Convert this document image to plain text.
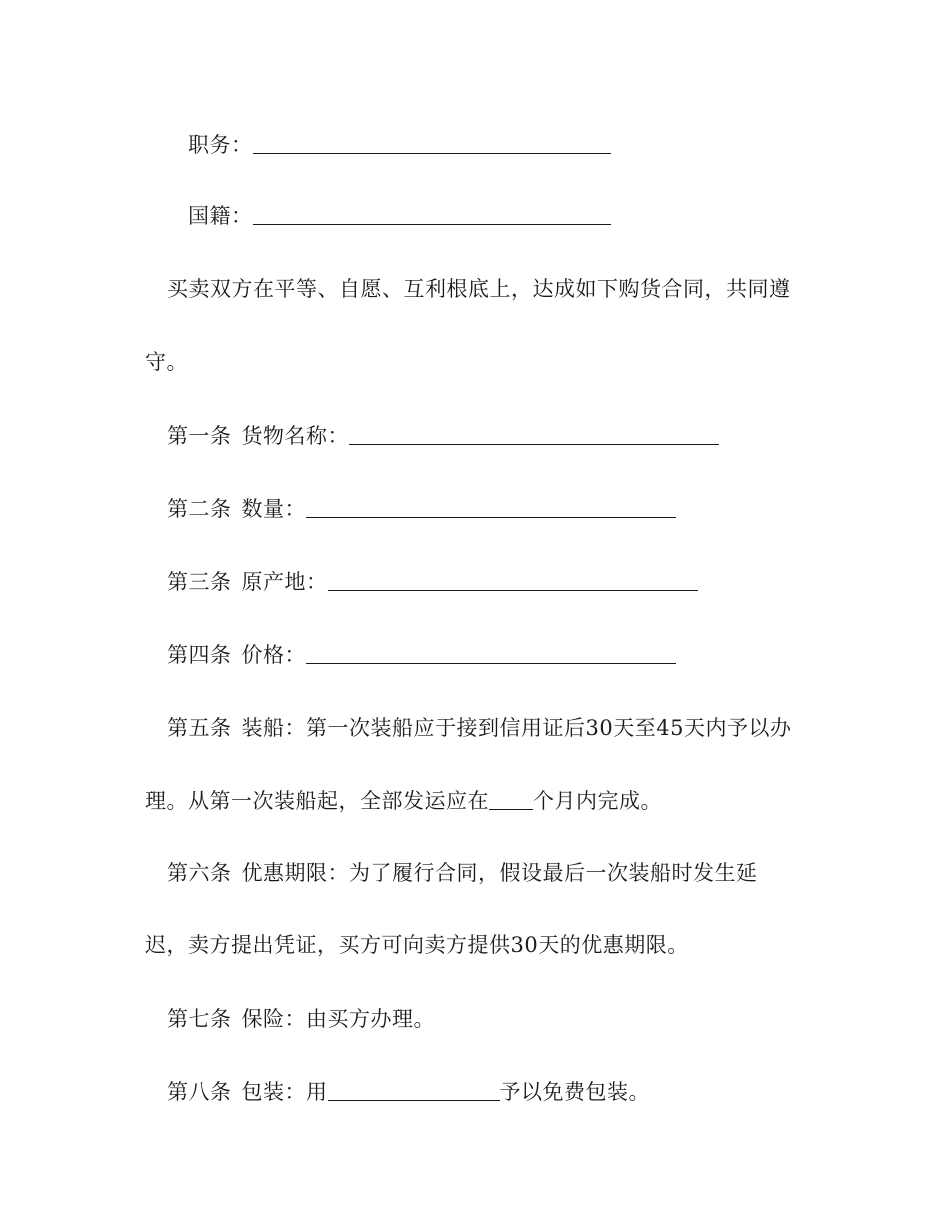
职务：

国籍：

买卖双方在平等、自愿、互利根底上，达成如下购货合同，共同遵

守。

第一条 货物名称：

第二条 数量：

第三条 原产地：

第四条 价格：

第五条 装船：第一次装船应于接到信用证后30天至45天内予以办

理。从第一次装船起，全部发运应在 个月内完成。

第六条 优惠期限：为了履行合同，假设最后一次装船时发生延

迟，卖方提出凭证，买方可向卖方提供30天的优惠期限。

第七条 保险：由买方办理。

第八条 包装：用	予以免费包装。
